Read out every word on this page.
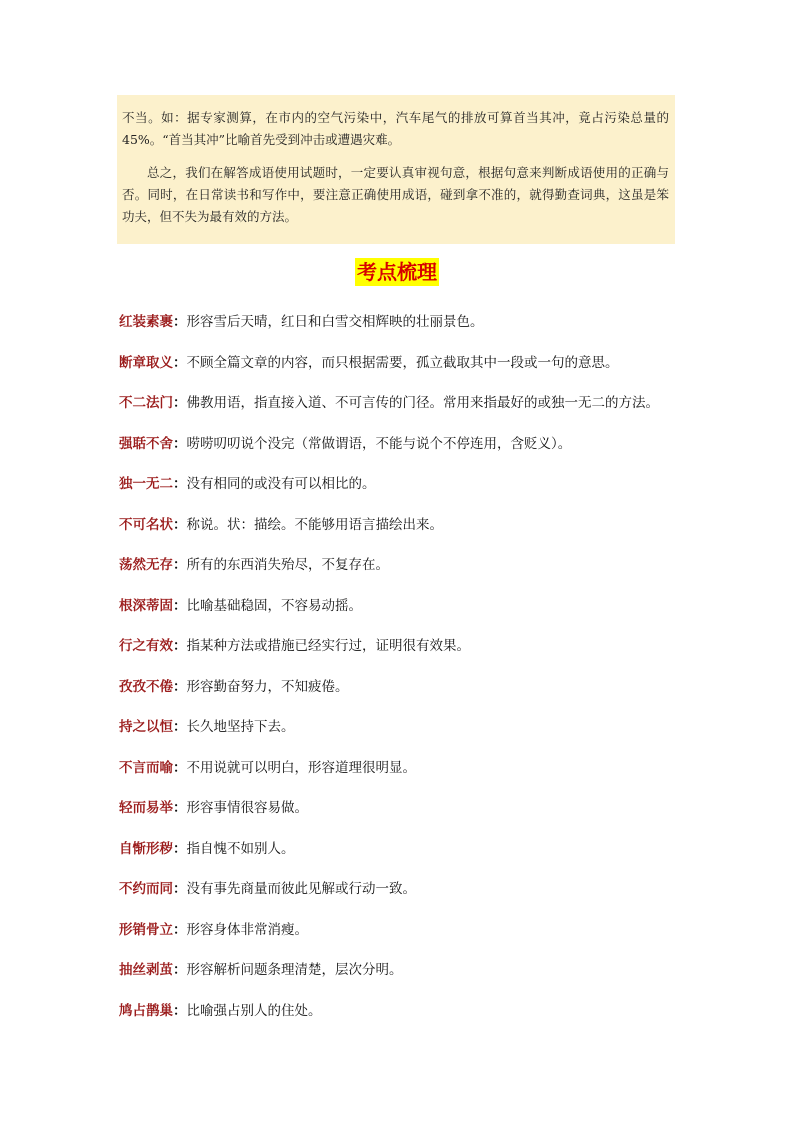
不当。如：据专家测算，在市内的空气污染中，汽车尾气的排放可算首当其冲，竟占污染总量的45%。“首当其冲”比喻首先受到冲击或遭遇灾难。

总之，我们在解答成语使用试题时，一定要认真审视句意，根据句意来判断成语使用的正确与否。同时，在日常读书和写作中，要注意正确使用成语，碰到拿不准的，就得勤查词典，这虽是笨功夫，但不失为最有效的方法。

考点梳理
红装素裹：形容雪后天晴，红日和白雪交相辉映的壮丽景色。
断章取义：不顾全篇文章的内容，而只根据需要，孤立截取其中一段或一句的意思。
不二法门：佛教用语，指直接入道、不可言传的门径。常用来指最好的或独一无二的方法。
强聒不舍：唠唠叨叨说个没完（常做谓语，不能与说个不停连用，含贬义）。
独一无二：没有相同的或没有可以相比的。
不可名状：称说。状：描绘。不能够用语言描绘出来。
荡然无存：所有的东西消失殆尽，不复存在。
根深蒂固：比喻基础稳固，不容易动摇。
行之有效：指某种方法或措施已经实行过，证明很有效果。
孜孜不倦：形容勤奋努力，不知疲倦。
持之以恒：长久地坚持下去。
不言而喻：不用说就可以明白，形容道理很明显。
轻而易举：形容事情很容易做。
自惭形秽：指自愧不如别人。
不约而同：没有事先商量而彼此见解或行动一致。
形销骨立：形容身体非常消瘦。
抽丝剥茧：形容解析问题条理清楚，层次分明。
鸠占鹊巢：比喻强占别人的住处。
